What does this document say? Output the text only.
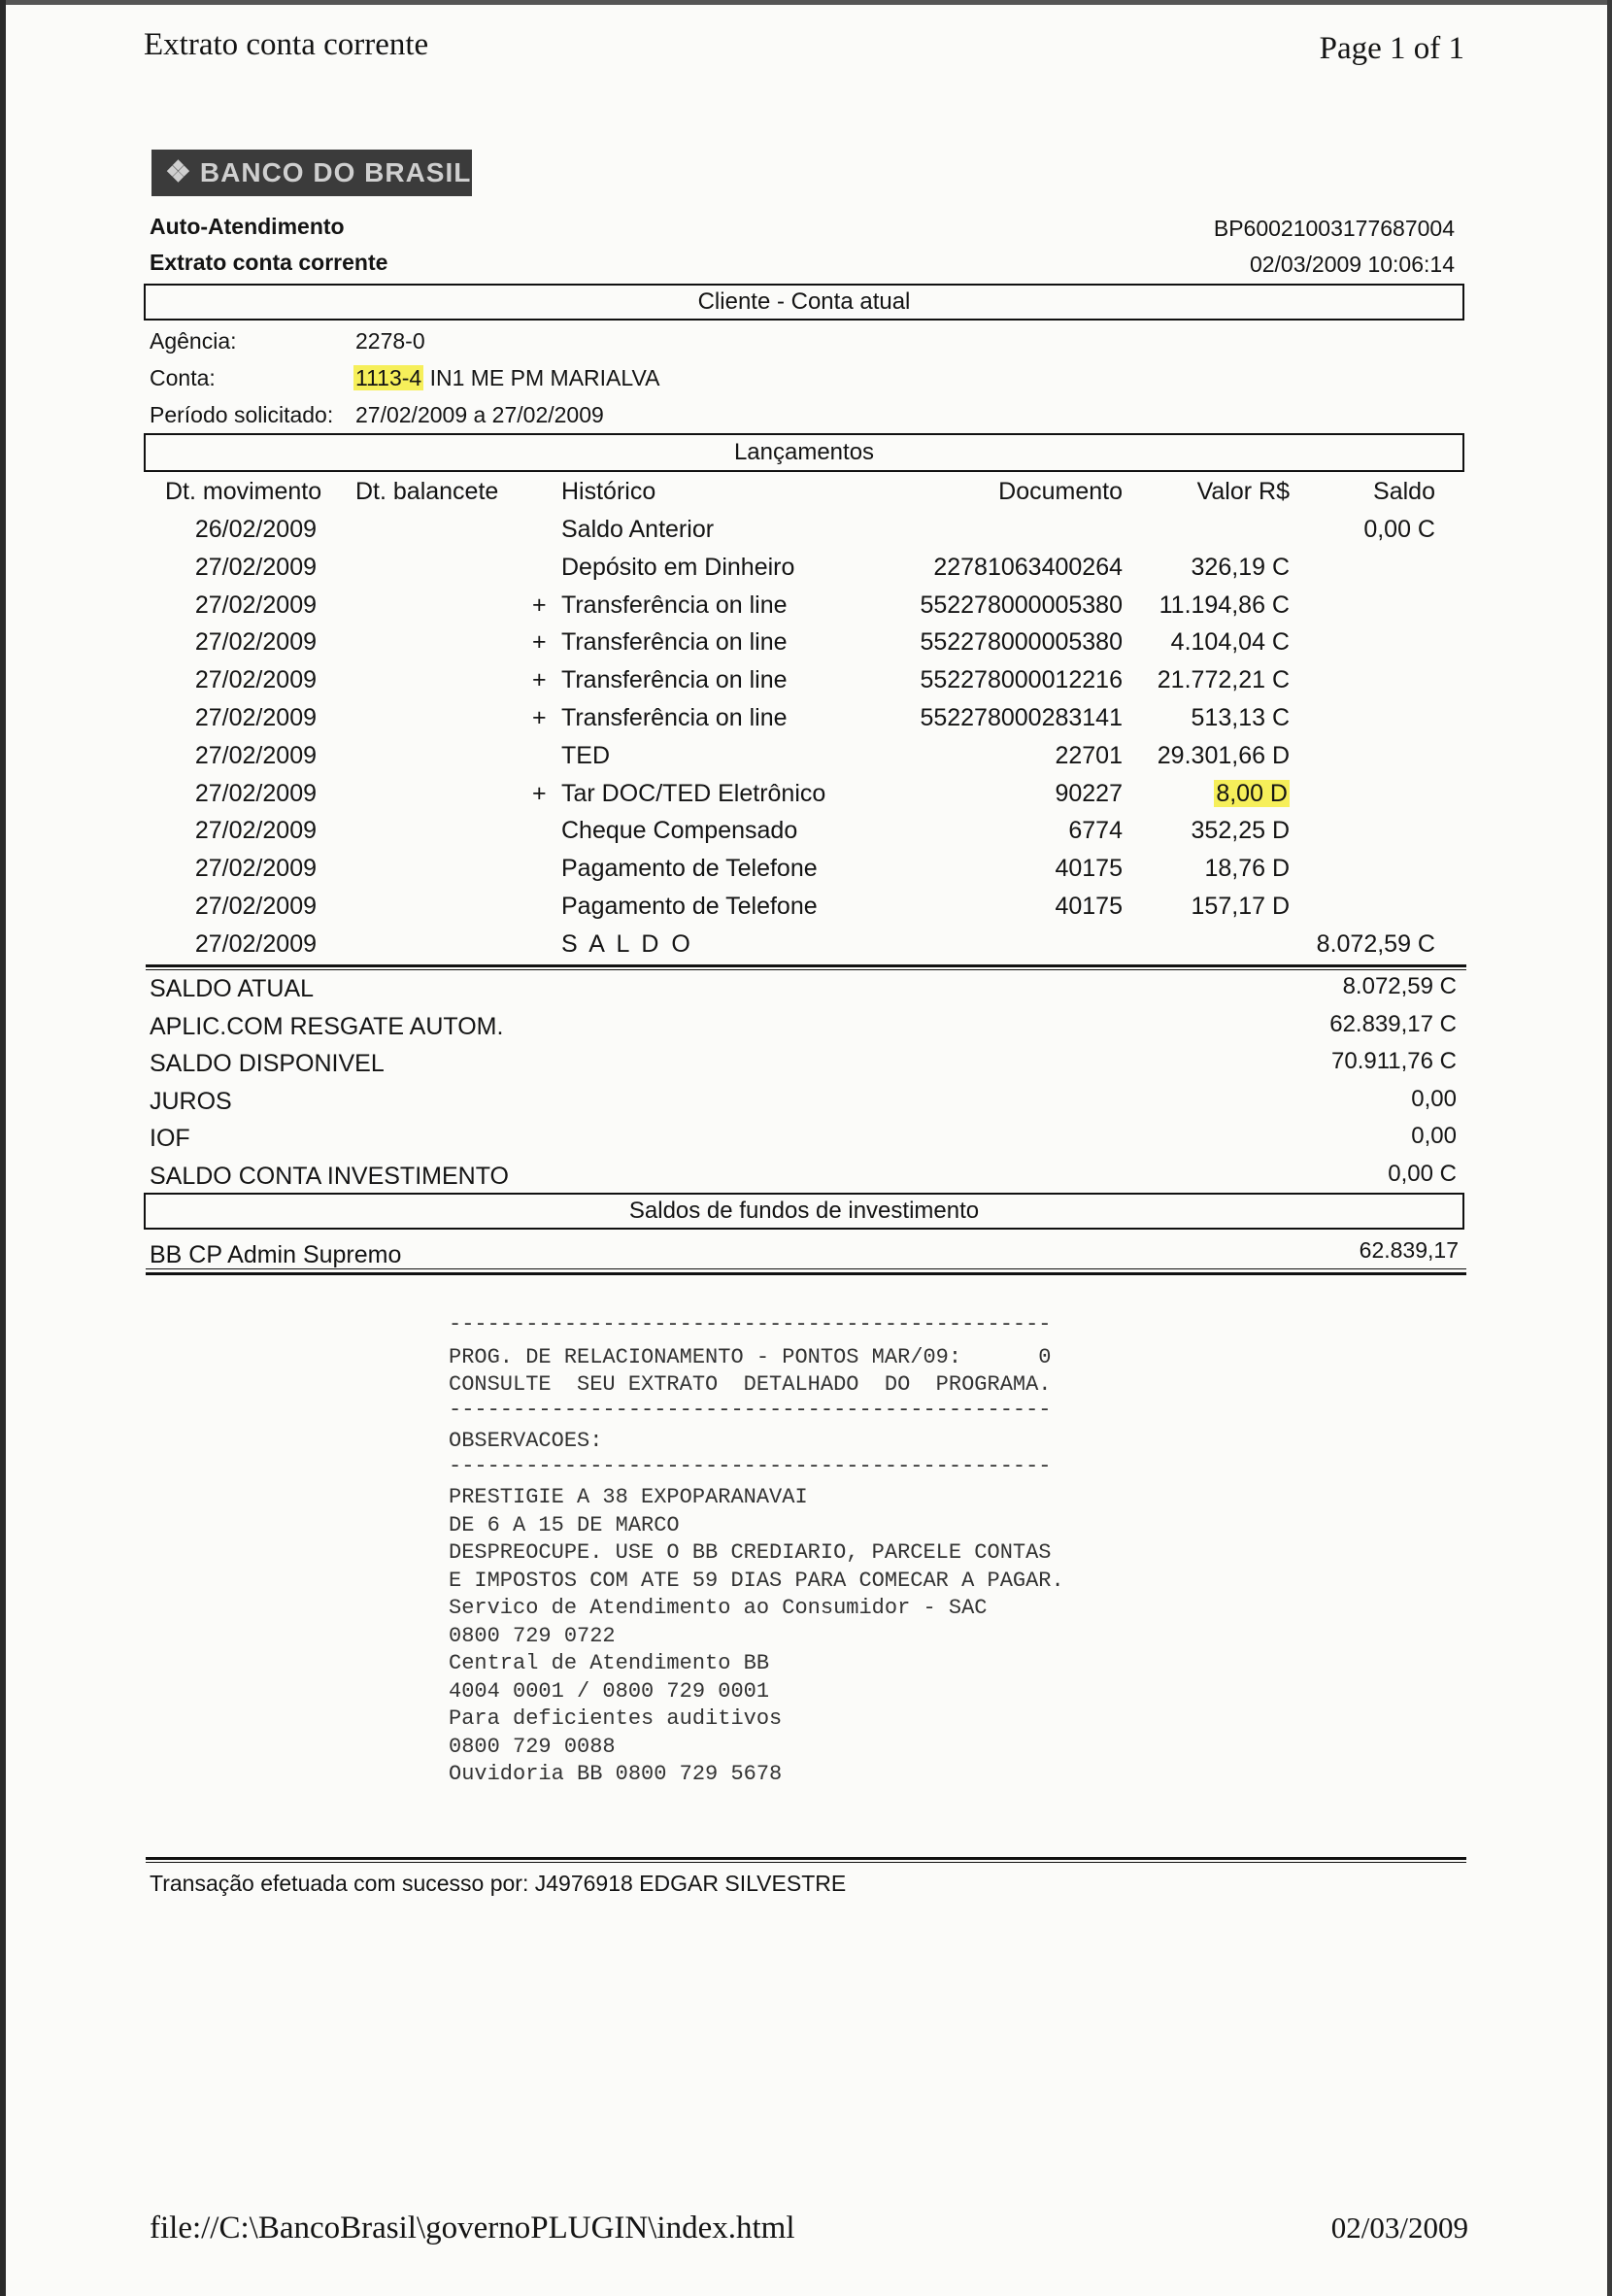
Extrato conta corrente	Page 1 of 1
❖ BANCO DO BRASIL
Auto-Atendimento
Extrato conta corrente
BP60021003177687004
02/03/2009 10:06:14
Cliente - Conta atual
Agência:	2278-0
Conta:	1113-4 IN1 ME PM MARIALVA
Período solicitado: 27/02/2009 a 27/02/2009
Lançamentos
Dt. movimento Dt. balancete	Histórico	Documento	Valor R$	Saldo
26/02/2009	Saldo Anterior	0,00 C
27/02/2009	Depósito em Dinheiro	22781063400264	326,19 C
27/02/2009	+ Transferência on line	552278000005380	11.194,86 C
27/02/2009	+ Transferência on line	552278000005380	4.104,04 C
27/02/2009	+ Transferência on line	552278000012216	21.772,21 C
27/02/2009	+ Transferência on line	552278000283141	513,13 C
27/02/2009	TED	22701	29.301,66 D
27/02/2009	+ Tar DOC/TED Eletrônico	90227	8,00 D
27/02/2009	Cheque Compensado	6774	352,25 D
27/02/2009	Pagamento de Telefone	40175	18,76 D
27/02/2009	Pagamento de Telefone	40175	157,17 D
27/02/2009	S A L D O	8.072,59 C
SALDO ATUAL	8.072,59 C
APLIC.COM RESGATE AUTOM.	62.839,17 C
SALDO DISPONIVEL	70.911,76 C
JUROS	0,00
IOF	0,00
SALDO CONTA INVESTIMENTO	0,00 C
Saldos de fundos de investimento
BB CP Admin Supremo	62.839,17
-----------------------------------------------
PROG. DE RELACIONAMENTO - PONTOS MAR/09:      0
CONSULTE  SEU EXTRATO  DETALHADO  DO  PROGRAMA.
-----------------------------------------------
OBSERVACOES:
-----------------------------------------------
PRESTIGIE A 38 EXPOPARANAVAI
DE 6 A 15 DE MARCO
DESPREOCUPE. USE O BB CREDIARIO, PARCELE CONTAS
E IMPOSTOS COM ATE 59 DIAS PARA COMECAR A PAGAR.
Servico de Atendimento ao Consumidor - SAC
0800 729 0722
Central de Atendimento BB
4004 0001 / 0800 729 0001
Para deficientes auditivos
0800 729 0088
Ouvidoria BB 0800 729 5678
Transação efetuada com sucesso por: J4976918 EDGAR SILVESTRE
file://C:\BancoBrasil\governoPLUGIN\index.html	02/03/2009
